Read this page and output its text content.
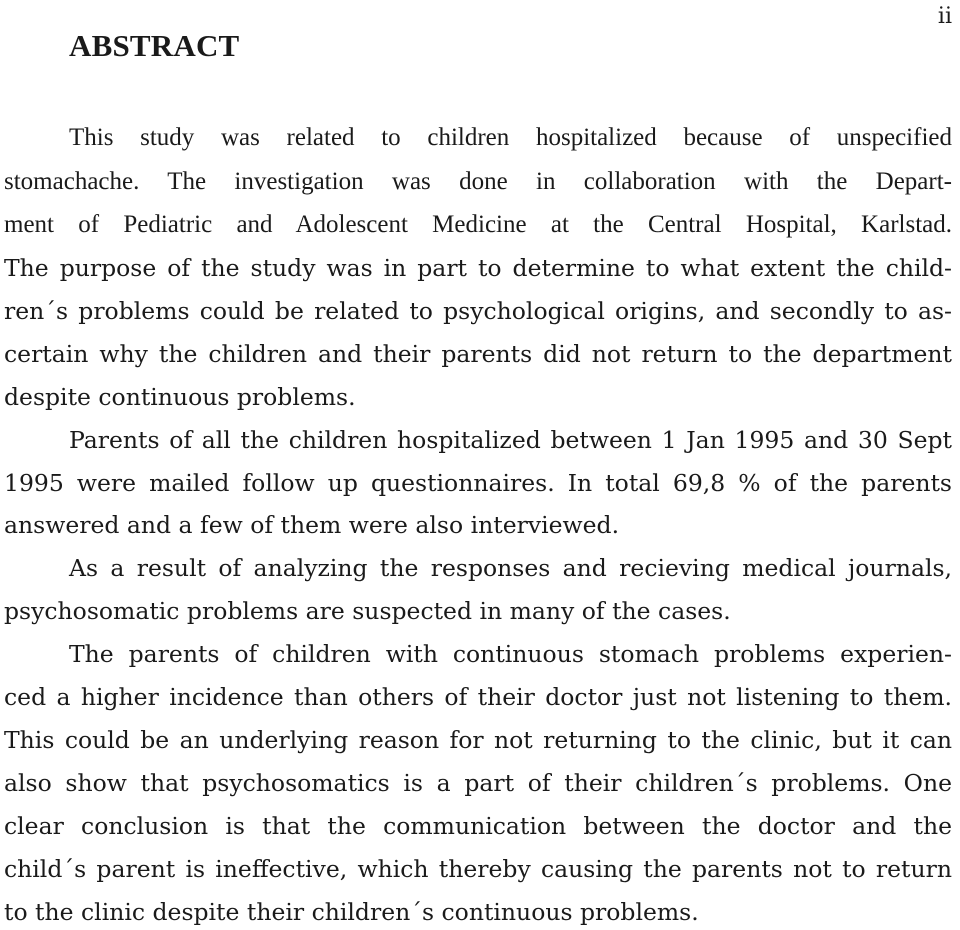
ii
ABSTRACT
This study was related to children hospitalized because of unspecified
stomachache. The investigation was done in collaboration with the Depart-
ment of Pediatric and Adolescent Medicine at the Central Hospital, Karlstad.
The purpose of the study was in part to determine to what extent the child-
ren´s problems could be related to psychological origins, and secondly to as-
certain why the children and their parents did not return to the department
despite continuous problems.
Parents of all the children hospitalized between 1 Jan 1995 and 30 Sept
1995 were mailed follow up questionnaires. In total 69,8 % of the parents
answered and a few of them were also interviewed.
As a result of analyzing the responses and recieving medical journals,
psychosomatic problems are suspected in many of the cases.
The parents of children with continuous stomach problems experien-
ced a higher incidence than others of their doctor just not listening to them.
This could be an underlying reason for not returning to the clinic, but it can
also show that psychosomatics is a part of their children´s problems. One
clear conclusion is that the communication between the doctor and the
child´s parent is ineffective, which thereby causing the parents not to return
to the clinic despite their children´s continuous problems.
